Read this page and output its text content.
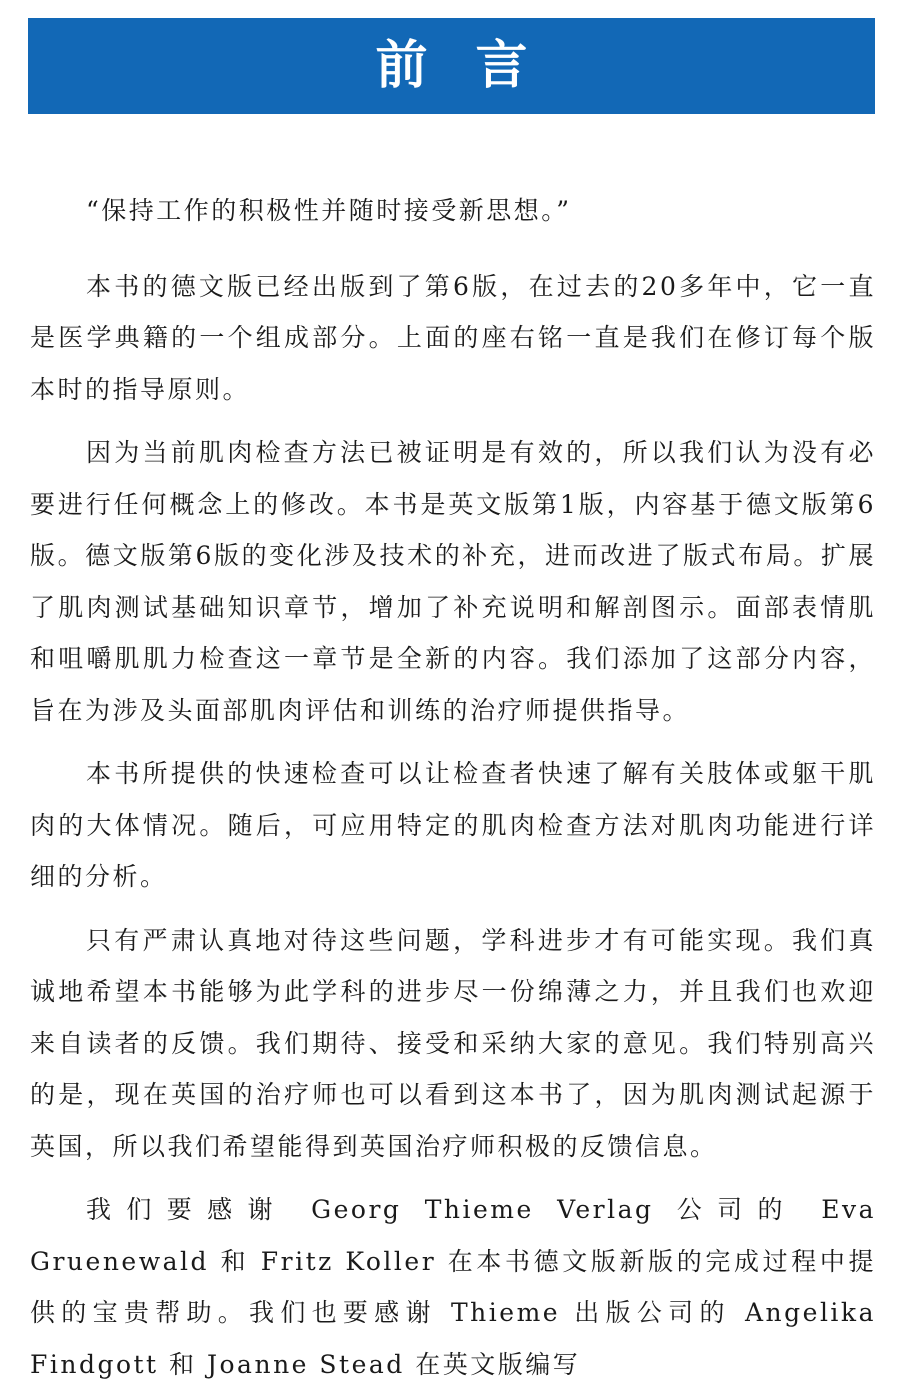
前言

“保持工作的积极性并随时接受新思想。”

本书的德文版已经出版到了第6版，在过去的20多年中，它一直是医学典籍的一个组成部分。上面的座右铭一直是我们在修订每个版本时的指导原则。

因为当前肌肉检查方法已被证明是有效的，所以我们认为没有必要进行任何概念上的修改。本书是英文版第1版，内容基于德文版第6版。德文版第6版的变化涉及技术的补充，进而改进了版式布局。扩展了肌肉测试基础知识章节，增加了补充说明和解剖图示。面部表情肌和咀嚼肌肌力检查这一章节是全新的内容。我们添加了这部分内容，旨在为涉及头面部肌肉评估和训练的治疗师提供指导。

本书所提供的快速检查可以让检查者快速了解有关肢体或躯干肌肉的大体情况。随后，可应用特定的肌肉检查方法对肌肉功能进行详细的分析。

只有严肃认真地对待这些问题，学科进步才有可能实现。我们真诚地希望本书能够为此学科的进步尽一份绵薄之力，并且我们也欢迎来自读者的反馈。我们期待、接受和采纳大家的意见。我们特别高兴的是，现在英国的治疗师也可以看到这本书了，因为肌肉测试起源于英国，所以我们希望能得到英国治疗师积极的反馈信息。

我们要感谢 Georg Thieme Verlag 公司的 Eva Gruenewald 和 Fritz Koller 在本书德文版新版的完成过程中提供的宝贵帮助。我们也要感谢 Thieme 出版公司的 Angelika Findgott 和 Joanne Stead 在英文版编写
